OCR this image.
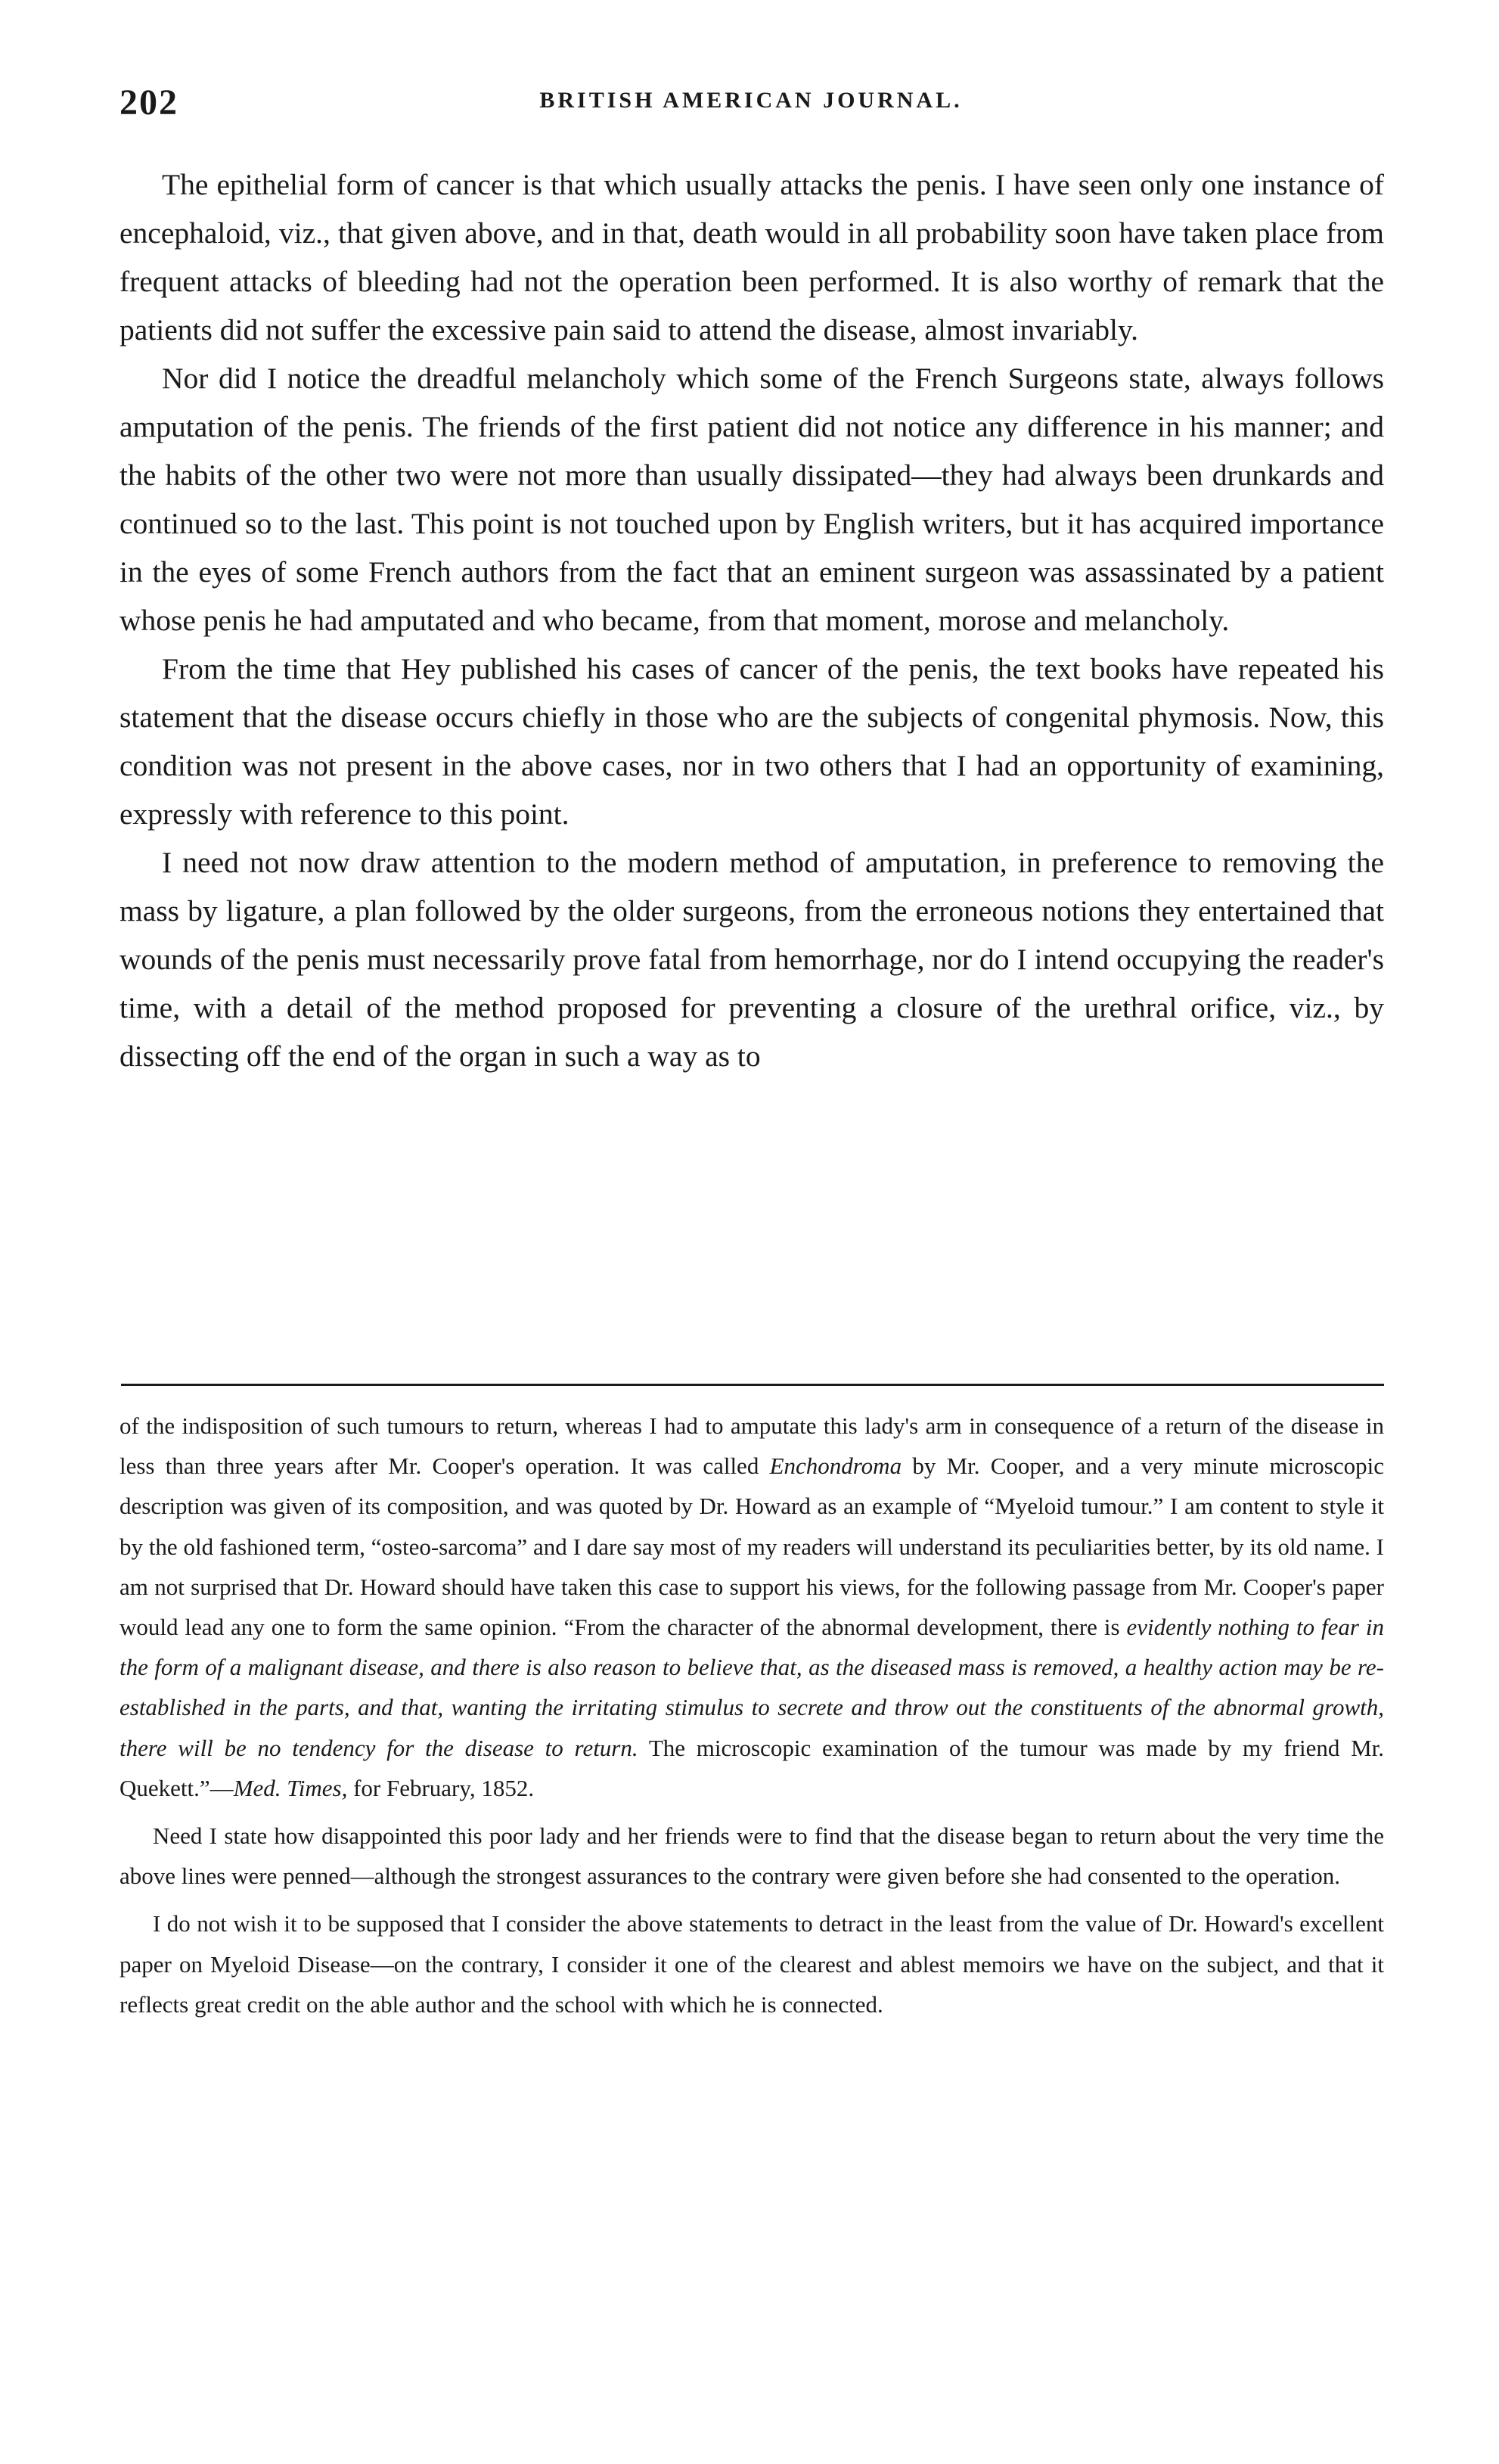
202	BRITISH AMERICAN JOURNAL.

The epithelial form of cancer is that which usually attacks the penis. I have seen only one instance of encephaloid, viz., that given above, and in that, death would in all probability soon have taken place from frequent attacks of bleeding had not the operation been performed. It is also worthy of remark that the patients did not suffer the excessive pain said to attend the disease, almost invariably.

Nor did I notice the dreadful melancholy which some of the French Surgeons state, always follows amputation of the penis. The friends of the first patient did not notice any difference in his manner; and the habits of the other two were not more than usually dissipated—they had always been drunkards and continued so to the last. This point is not touched upon by English writers, but it has acquired importance in the eyes of some French authors from the fact that an eminent surgeon was assassinated by a patient whose penis he had amputated and who became, from that moment, morose and melancholy.

From the time that Hey published his cases of cancer of the penis, the text books have repeated his statement that the disease occurs chiefly in those who are the subjects of congenital phymosis. Now, this condition was not present in the above cases, nor in two others that I had an opportunity of examining, expressly with reference to this point.

I need not now draw attention to the modern method of amputation, in preference to removing the mass by ligature, a plan followed by the older surgeons, from the erroneous notions they entertained that wounds of the penis must necessarily prove fatal from hemorrhage, nor do I intend occupying the reader's time, with a detail of the method proposed for preventing a closure of the urethral orifice, viz., by dissecting off the end of the organ in such a way as to

of the indisposition of such tumours to return, whereas I had to amputate this lady's arm in consequence of a return of the disease in less than three years after Mr. Cooper's operation. It was called Enchondroma by Mr. Cooper, and a very minute microscopic description was given of its composition, and was quoted by Dr. Howard as an example of “Myeloid tumour.” I am content to style it by the old fashioned term, “osteo-sarcoma” and I dare say most of my readers will understand its peculiarities better, by its old name. I am not surprised that Dr. Howard should have taken this case to support his views, for the following passage from Mr. Cooper's paper would lead any one to form the same opinion. “From the character of the abnormal development, there is evidently nothing to fear in the form of a malignant disease, and there is also reason to believe that, as the diseased mass is removed, a healthy action may be re-established in the parts, and that, wanting the irritating stimulus to secrete and throw out the constituents of the abnormal growth, there will be no tendency for the disease to return. The microscopic examination of the tumour was made by my friend Mr. Quekett.”—Med. Times, for February, 1852.

Need I state how disappointed this poor lady and her friends were to find that the disease began to return about the very time the above lines were penned—although the strongest assurances to the contrary were given before she had consented to the operation.

I do not wish it to be supposed that I consider the above statements to detract in the least from the value of Dr. Howard's excellent paper on Myeloid Disease—on the contrary, I consider it one of the clearest and ablest memoirs we have on the subject, and that it reflects great credit on the able author and the school with which he is connected.
